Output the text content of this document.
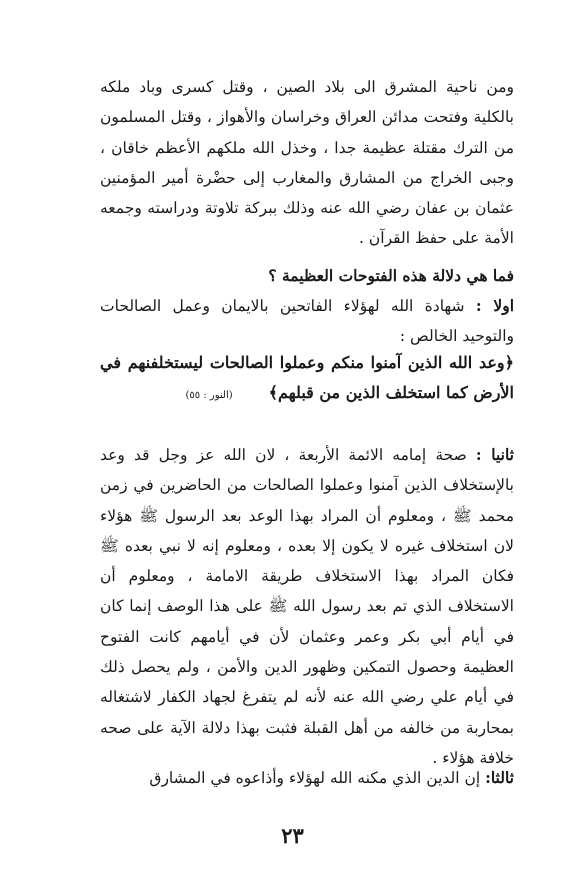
ومن ناحية المشرق الى بلاد الصين ، وقتل كسرى وباد ملكه بالكلية وفتحت مدائن العراق وخراسان والأهواز ، وقتل المسلمون من الترك مقتلة عظيمة جدا ، وخذل الله ملكهم الأعظم خاقان ، وجبى الخراج من المشارق والمغارب إلى حضْرة أمير المؤمنين عثمان بن عفان رضي الله عنه وذلك ببركة تلاوتة ودراسته وجمعه الأمة على حفظ القرآن .

فما هي دلالة هذه الفتوحات العظيمة ؟

اولا : شهادة الله لهؤلاء الفاتحين بالايمان وعمل الصالحات والتوحيد الخالص :

﴿وعد الله الذين آمنوا منكم وعملوا الصالحات ليستخلفنهم في الأرض كما استخلف الذين من قبلهم﴾(النور : ٥٥)

ثانيا : صحة إمامه الائمة الأربعة ، لان الله عز وجل قد وعد بالإستخلاف الذين آمنوا وعملوا الصالحات من الحاضرين في زمن محمد ﷺ ، ومعلوم أن المراد بهذا الوعد بعد الرسول ﷺ هؤلاء لان استخلاف غيره لا يكون إلا بعده ، ومعلوم إنه لا نبي بعده ﷺ فكان المراد بهذا الاستخلاف طريقة الامامة ، ومعلوم أن الاستخلاف الذي تم بعد رسول الله ﷺ على هذا الوصف إنما كان في أيام أبي بكر وعمر وعثمان لأن في أيامهم كانت الفتوح العظيمة وحصول التمكين وظهور الدين والأمن ، ولم يحصل ذلك في أيام علي رضي الله عنه لأنه لم يتفرغ لجهاد الكفار لاشتغاله بمحاربة من خالفه من أهل القبلة فثبت بهذا دلالة الآية على صحه خلافة هؤلاء .

ثالثا: إن الدين الذي مكنه الله لهؤلاء وأذاعوه في المشارق

٢٣
